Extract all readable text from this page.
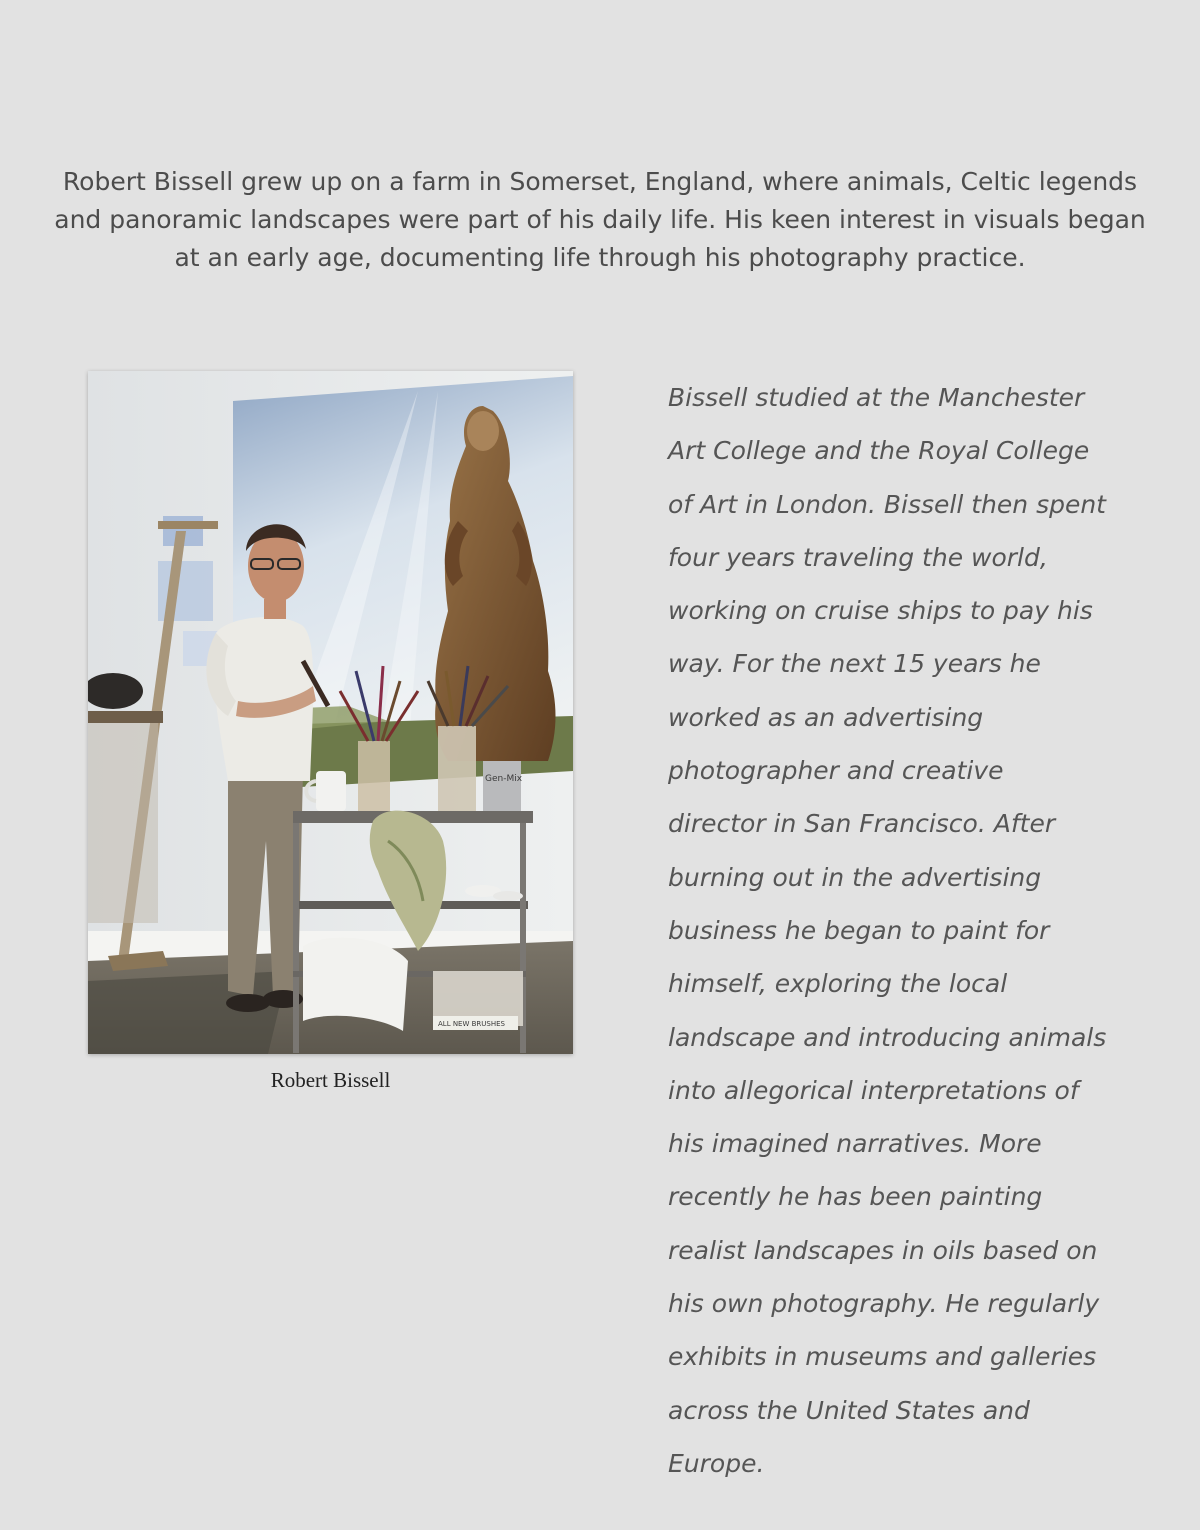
Robert Bissell grew up on a farm in Somerset, England, where animals, Celtic legends and panoramic landscapes were part of his daily life. His keen interest in visuals began at an early age, documenting life through his photography practice.

Gen-Mix
ALL NEW BRUSHES
Robert Bissell

Bissell studied at the Manchester Art College and the Royal College of Art in London. Bissell then spent four years traveling the world, working on cruise ships to pay his way. For the next 15 years he worked as an advertising photographer and creative director in San Francisco. After burning out in the advertising business he began to paint for himself, exploring the local landscape and introducing animals into allegorical interpretations of his imagined narratives. More recently he has been painting realist landscapes in oils based on his own photography. He regularly exhibits in museums and galleries across the United States and Europe.
